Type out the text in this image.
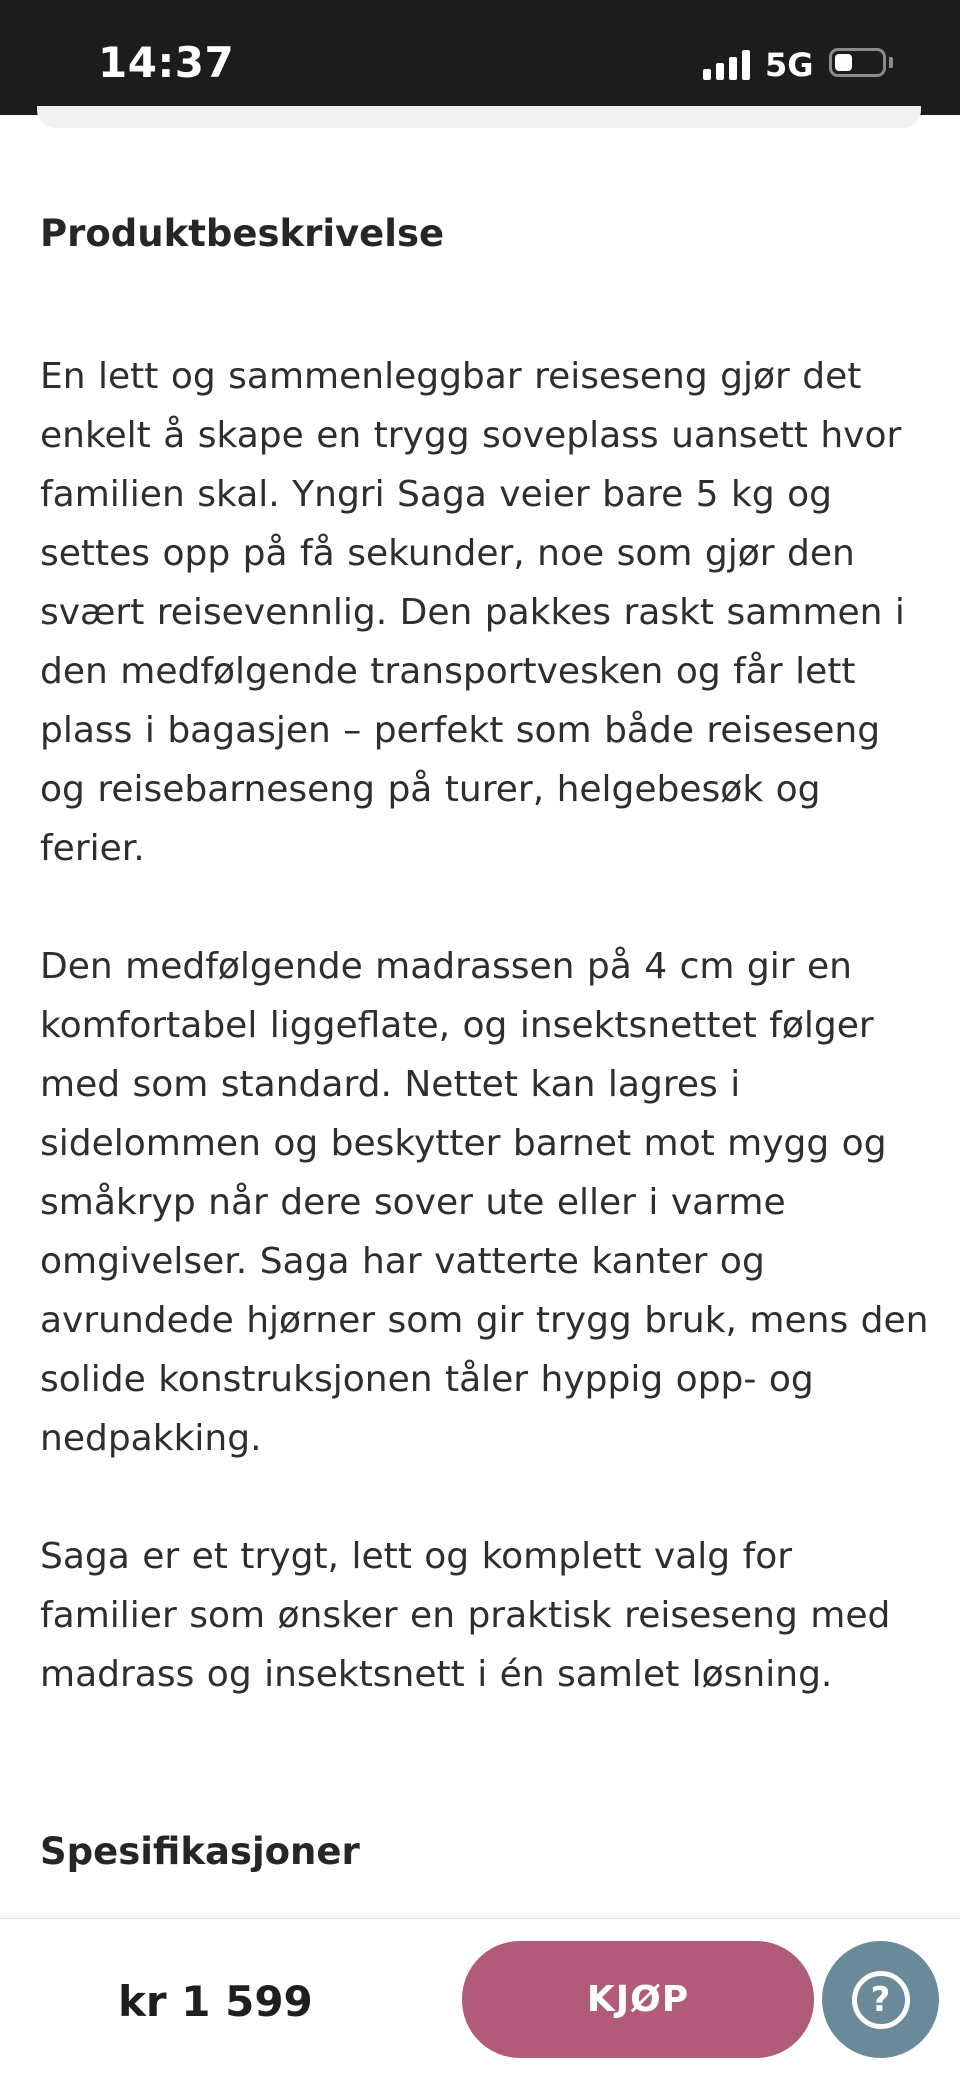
14:37	5G
Produktbeskrivelse

En lett og sammenleggbar reiseseng gjør det enkelt å skape en trygg soveplass uansett hvor familien skal. Yngri Saga veier bare 5 kg og settes opp på få sekunder, noe som gjør den svært reisevennlig. Den pakkes raskt sammen i den medfølgende transportvesken og får lett plass i bagasjen – perfekt som både reiseseng og reisebarneseng på turer, helgebesøk og ferier.

Den medfølgende madrassen på 4 cm gir en komfortabel liggeflate, og insektsnettet følger med som standard. Nettet kan lagres i sidelommen og beskytter barnet mot mygg og småkryp når dere sover ute eller i varme omgivelser. Saga har vatterte kanter og avrundede hjørner som gir trygg bruk, mens den solide konstruksjonen tåler hyppig opp- og nedpakking.

Saga er et trygt, lett og komplett valg for familier som ønsker en praktisk reiseseng med madrass og insektsnett i én samlet løsning.

Spesifikasjoner
kr 1 599	KJØP	?
